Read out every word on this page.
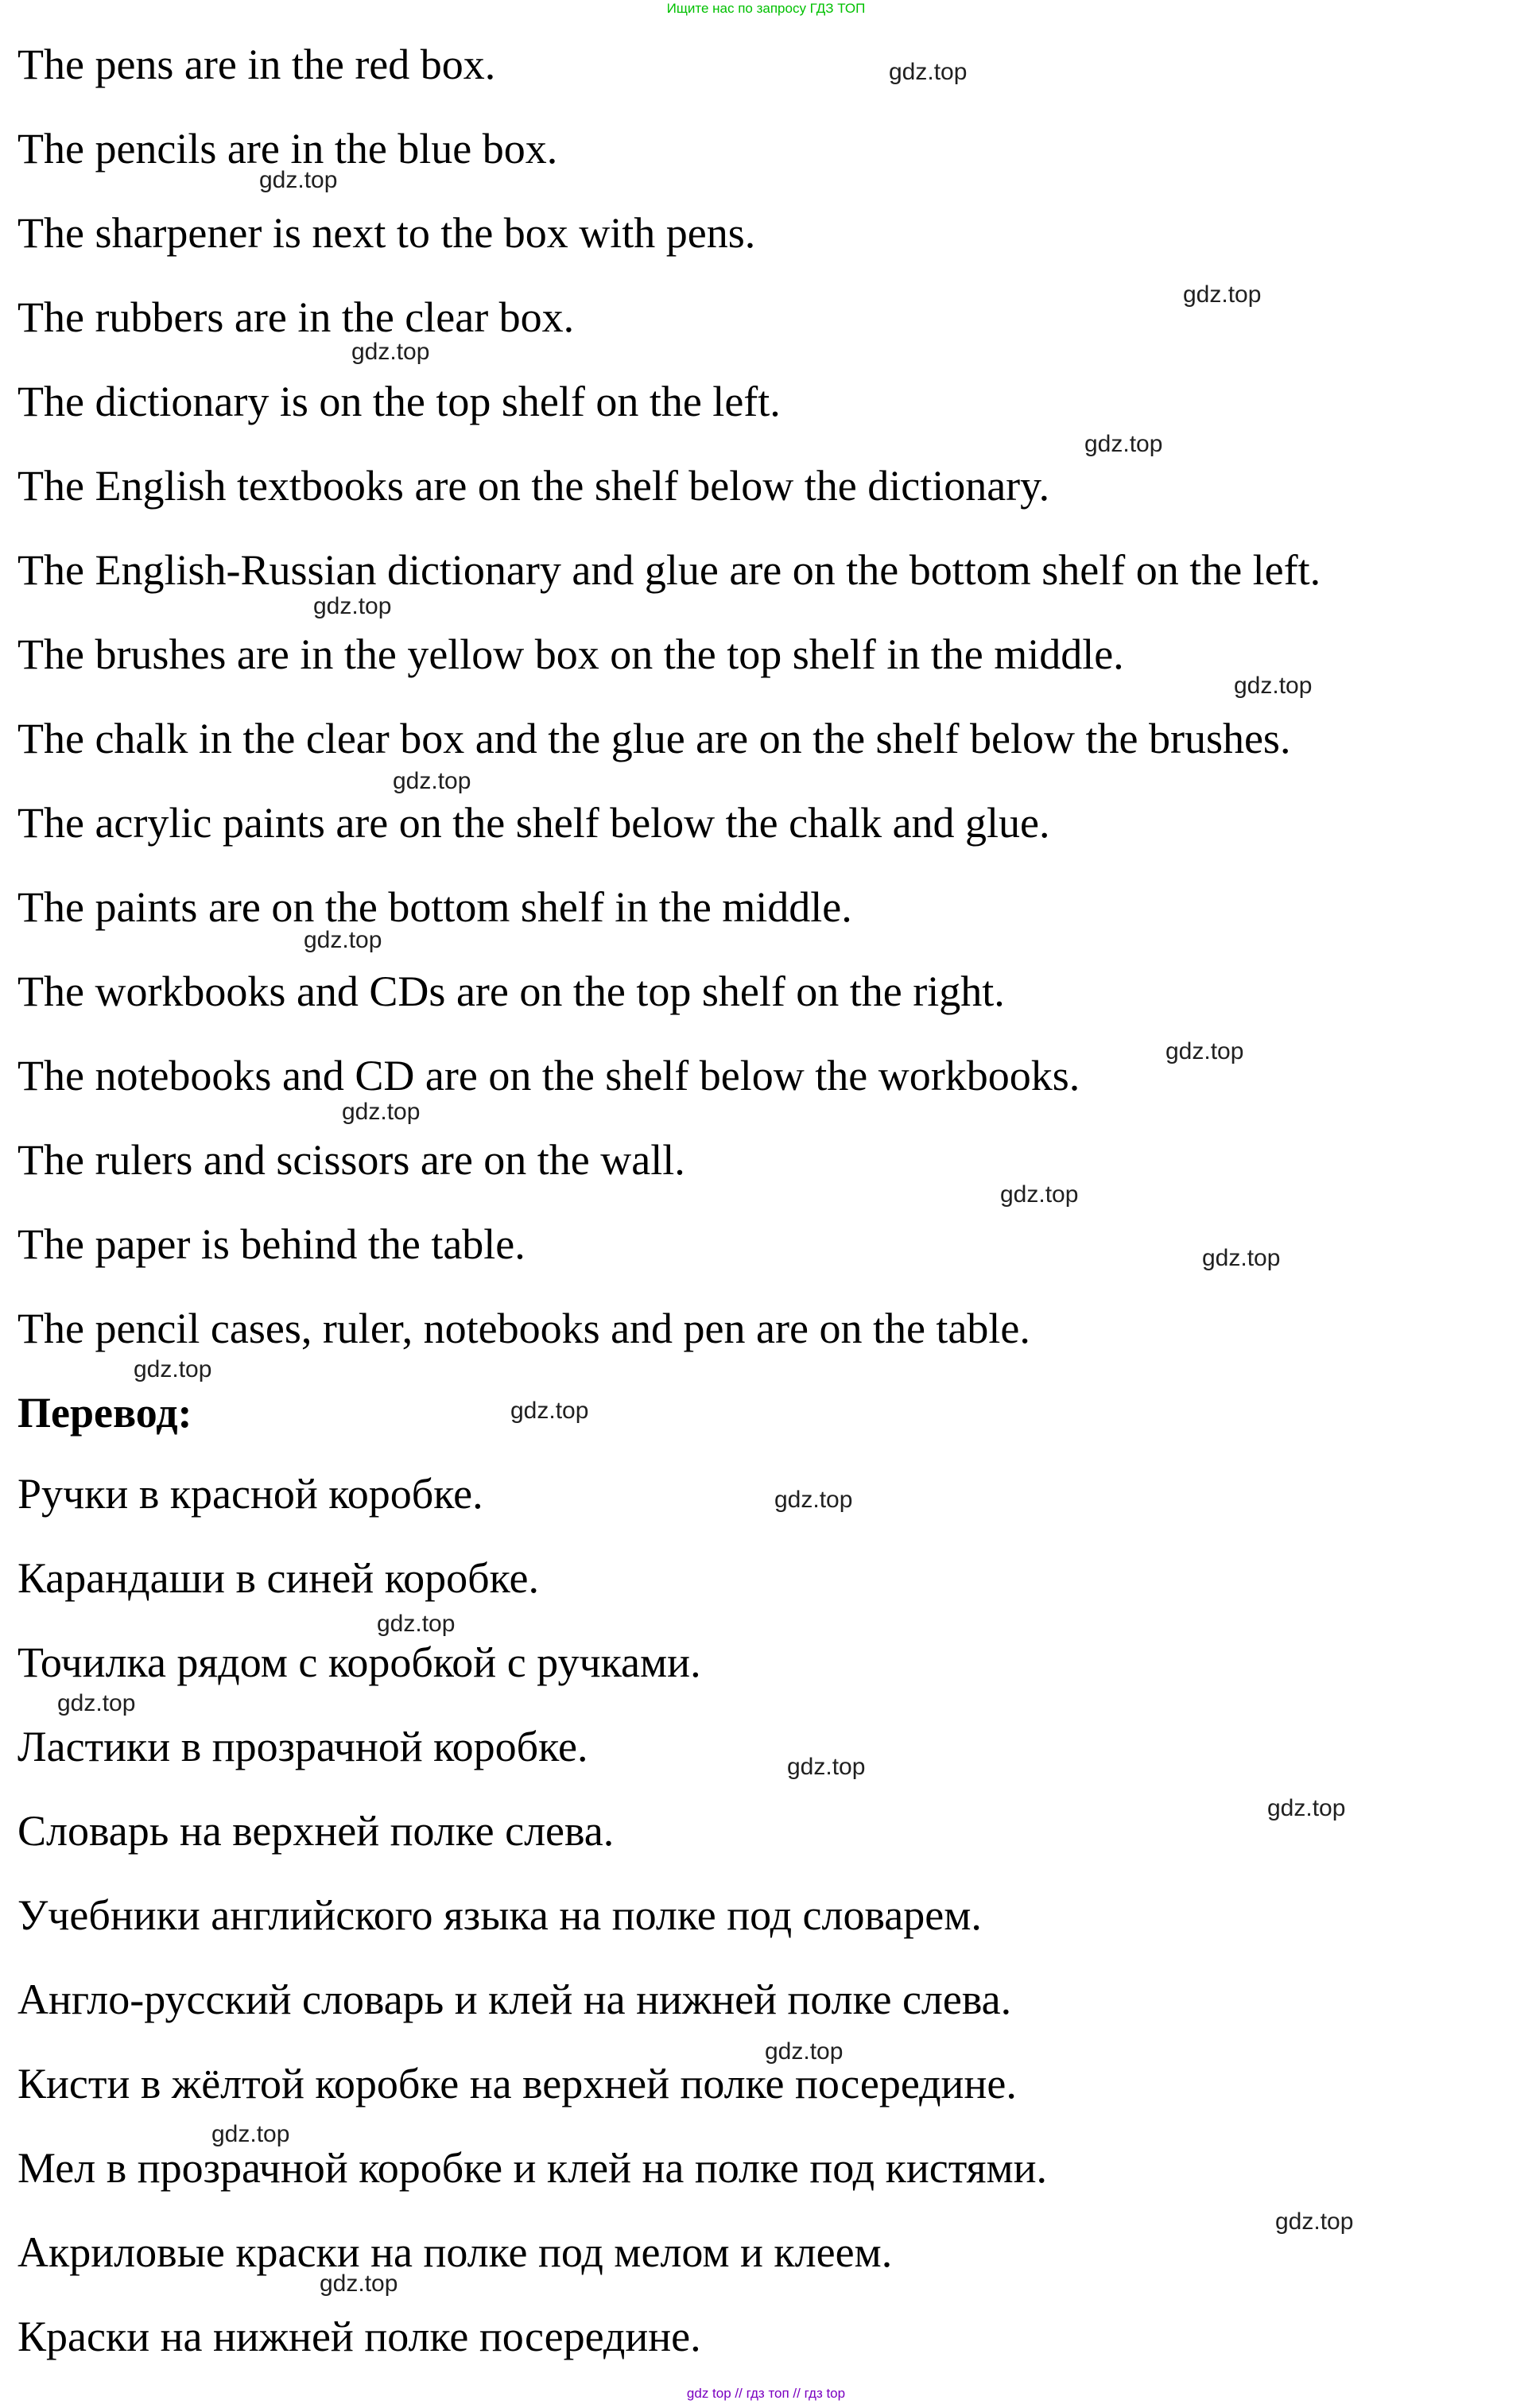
Ищите нас по запросу ГДЗ ТОП
The pens are in the red box.
The pencils are in the blue box.
The sharpener is next to the box with pens.
The rubbers are in the clear box.
The dictionary is on the top shelf on the left.
The English textbooks are on the shelf below the dictionary.
The English-Russian dictionary and glue are on the bottom shelf on the left.
The brushes are in the yellow box on the top shelf in the middle.
The chalk in the clear box and the glue are on the shelf below the brushes.
The acrylic paints are on the shelf below the chalk and glue.
The paints are on the bottom shelf in the middle.
The workbooks and CDs are on the top shelf on the right.
The notebooks and CD are on the shelf below the workbooks.
The rulers and scissors are on the wall.
The paper is behind the table.
The pencil cases, ruler, notebooks and pen are on the table.
Перевод:
Ручки в красной коробке.
Карандаши в синей коробке.
Точилка рядом с коробкой с ручками.
Ластики в прозрачной коробке.
Словарь на верхней полке слева.
Учебники английского языка на полке под словарем.
Англо-русский словарь и клей на нижней полке слева.
Кисти в жёлтой коробке на верхней полке посередине.
Мел в прозрачной коробке и клей на полке под кистями.
Акриловые краски на полке под мелом и клеем.
Краски на нижней полке посередине.
gdz.top
gdz.top
gdz.top
gdz.top
gdz.top
gdz.top
gdz.top
gdz.top
gdz.top
gdz.top
gdz.top
gdz.top
gdz.top
gdz.top
gdz.top
gdz.top
gdz.top
gdz.top
gdz.top
gdz.top
gdz.top
gdz.top
gdz.top
gdz.top
gdz top // гдз топ // гдз top
